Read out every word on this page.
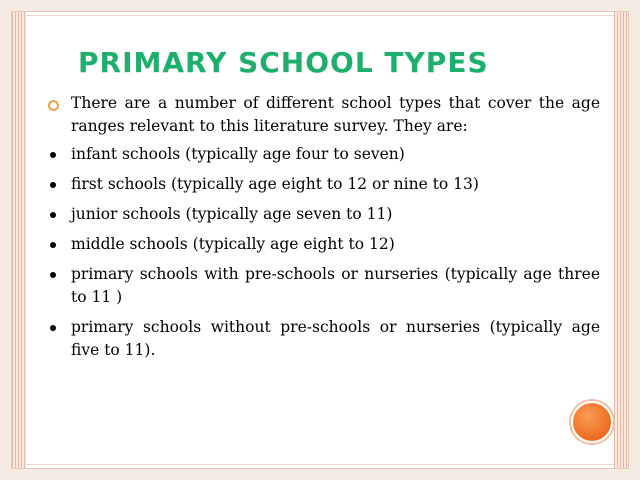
PRIMARY SCHOOL TYPES
There are a number of different school types that cover the age ranges relevant to this literature survey. They are:
infant schools (typically age four to seven)
first schools (typically age eight to 12 or nine to 13)
junior schools (typically age seven to 11)
middle schools (typically age eight to 12)
primary schools with pre-schools or nurseries (typically age three to 11 )
primary schools without pre-schools or nurseries (typically age five to 11).
